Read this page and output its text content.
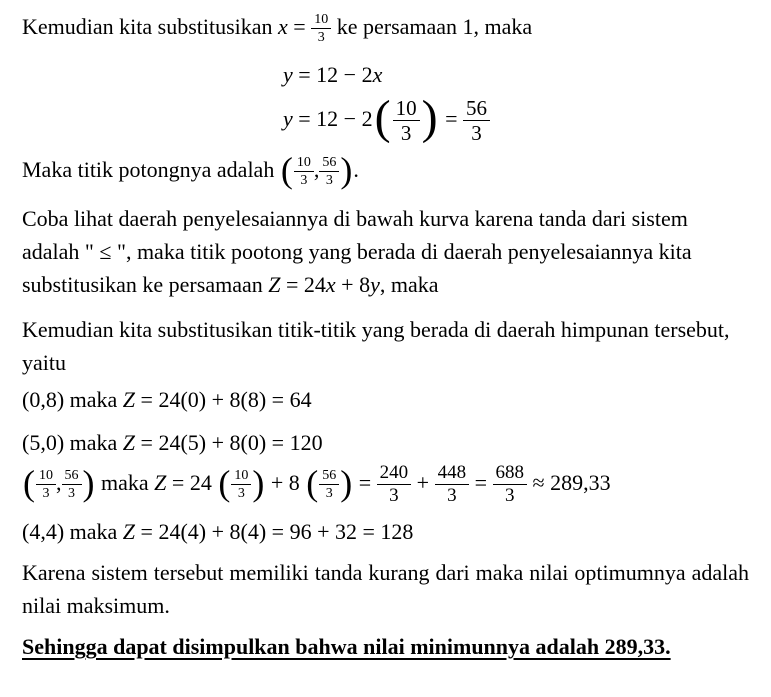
Kemudian kita substitusikan $x = \frac{10}{3}$ ke persamaan 1, maka

y = 12 − 2x

$y = 12 - 2( \frac{10}{3}$ ) = $\frac{56}{3}$

Maka titik potongnya adalah ( $\frac{10}{3}$ , $\frac{56}{3}$ ).

Coba lihat daerah penyelesaiannya di bawah kurva karena tanda dari sistem adalah " ≤ ", maka titik pootong yang berada di daerah penyelesaiannya kita substitusikan ke persamaan Z = 24x + 8y, maka

Kemudian kita substitusikan titik-titik yang berada di daerah himpunan tersebut, yaitu

(0,8) maka Z = 24(0) + 8(8) = 64

(5,0) maka Z = 24(5) + 8(0) = 120

( $\frac{10}{3}$ , $\frac{56}{3}$ ) maka Z = 24 ( $\frac{10}{3}$ ) + 8 ( $\frac{56}{3}$ ) = $\frac{240}{3} + \frac{448}{3} = \frac{688}{3} \approx 289,33$

(4,4) maka Z = 24(4) + 8(4) = 96 + 32 = 128

Karena sistem tersebut memiliki tanda kurang dari maka nilai optimumnya adalah nilai maksimum.

Sehingga dapat disimpulkan bahwa nilai minimunnya adalah 289,33.
